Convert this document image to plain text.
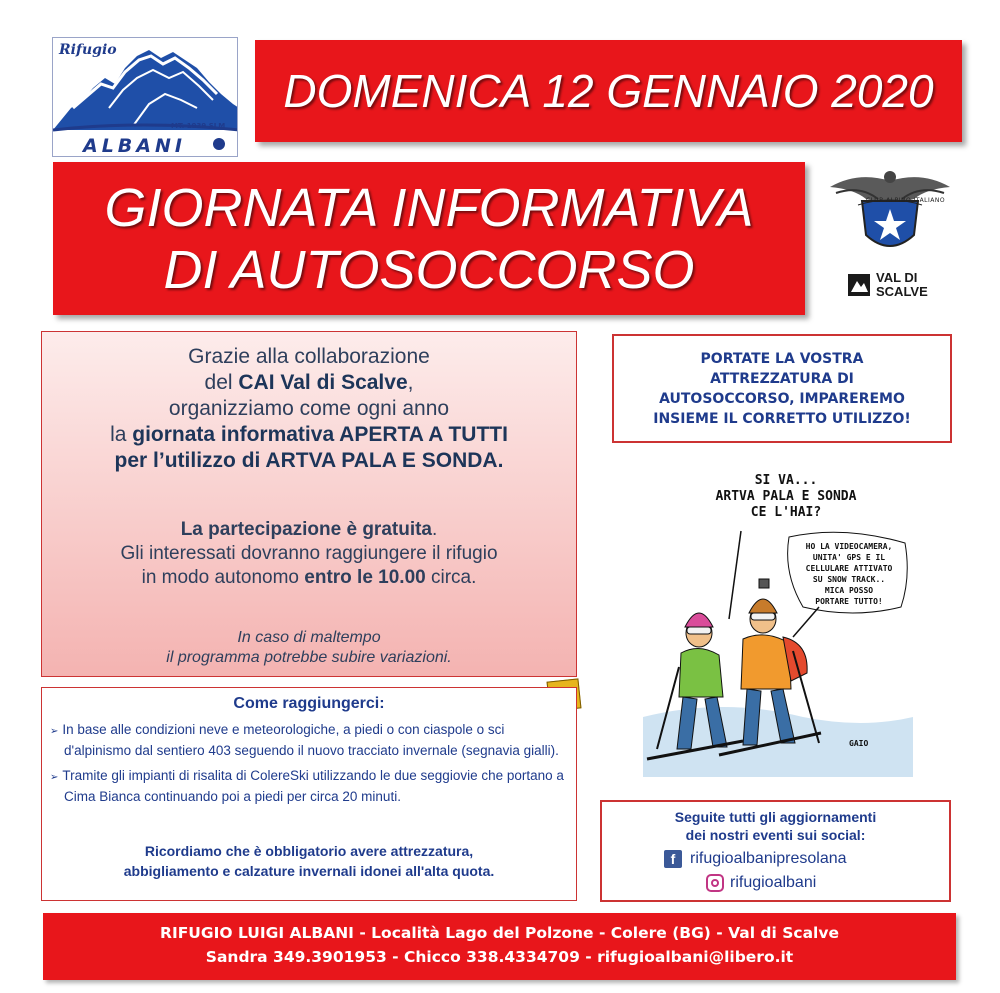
Rifugio
MT. 1939 SLM
ALBANI
DOMENICA 12 GENNAIO 2020
GIORNATA INFORMATIVA
DI AUTOSOCCORSO
CLUB ALPINO ITALIANO
VAL DI
SCALVE
Grazie alla collaborazione
del CAI Val di Scalve,
organizziamo come ogni anno
la giornata informativa APERTA A TUTTI
per l’utilizzo di ARTVA PALA E SONDA.
La partecipazione è gratuita.
Gli interessati dovranno raggiungere il rifugio
in modo autonomo entro le 10.00 circa.
In caso di maltempo
il programma potrebbe subire variazioni.
PORTATE LA VOSTRA
ATTREZZATURA DI
AUTOSOCCORSO, IMPAREREMO
INSIEME IL CORRETTO UTILIZZO!
SI VA...
ARTVA PALA E SONDA
CE L'HAI?
HO LA VIDEOCAMERA,
UNITA' GPS E IL
CELLULARE ATTIVATO
SU SNOW TRACK..
MICA POSSO
PORTARE TUTTO!
GAIO
Come raggiungerci:
➢ In base alle condizioni neve e meteorologiche, a piedi o con ciaspole o sci d'alpinismo dal sentiero 403 seguendo il nuovo tracciato invernale (segnavia gialli).
➢ Tramite gli impianti di risalita di ColereSki utilizzando le due seggiovie che portano a Cima Bianca continuando poi a piedi per circa 20 minuti.
Ricordiamo che è obbligatorio avere attrezzatura,
abbigliamento e calzature invernali idonei all'alta quota.
Seguite tutti gli aggiornamenti
dei nostri eventi sui social:
f rifugioalbanipresolana
rifugioalbani
RIFUGIO LUIGI ALBANI - Località Lago del Polzone - Colere (BG) - Val di Scalve
Sandra 349.3901953 - Chicco 338.4334709 - rifugioalbani@libero.it
